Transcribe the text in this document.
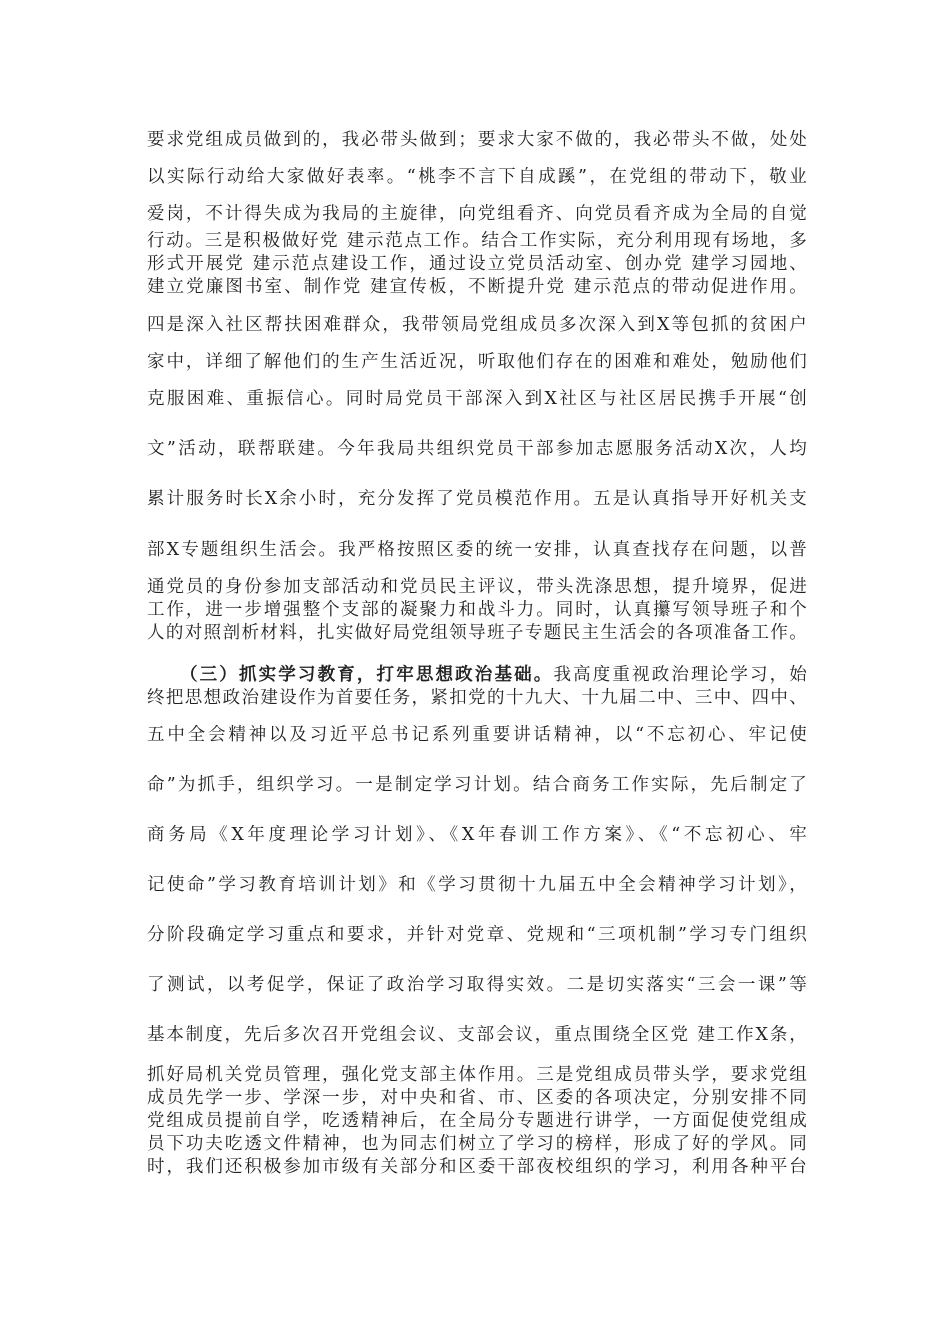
要求党组成员做到的，我必带头做到；要求大家不做的，我必带头不做，处处
以实际行动给大家做好表率。“桃李不言下自成蹊”，在党组的带动下，敬业
爱岗，不计得失成为我局的主旋律，向党组看齐、向党员看齐成为全局的自觉
行动。三是积极做好党 建示范点工作。结合工作实际，充分利用现有场地，多
形式开展党 建示范点建设工作，通过设立党员活动室、创办党 建学习园地、
建立党廉图书室、制作党 建宣传板，不断提升党 建示范点的带动促进作用。
四是深入社区帮扶困难群众，我带领局党组成员多次深入到X等包抓的贫困户
家中，详细了解他们的生产生活近况，听取他们存在的困难和难处，勉励他们
克服困难、重振信心。同时局党员干部深入到X社区与社区居民携手开展“创
文”活动，联帮联建。今年我局共组织党员干部参加志愿服务活动X次，人均
累计服务时长X余小时，充分发挥了党员模范作用。五是认真指导开好机关支
部X专题组织生活会。我严格按照区委的统一安排，认真查找存在问题，以普
通党员的身份参加支部活动和党员民主评议，带头洗涤思想，提升境界，促进
工作，进一步增强整个支部的凝聚力和战斗力。同时，认真攥写领导班子和个
人的对照剖析材料，扎实做好局党组领导班子专题民主生活会的各项准备工作。
（三）抓实学习教育，打牢思想政治基础。我高度重视政治理论学习，始
终把思想政治建设作为首要任务，紧扣党的十九大、十九届二中、三中、四中、
五中全会精神以及习近平总书记系列重要讲话精神，以“不忘初心、牢记使
命”为抓手，组织学习。一是制定学习计划。结合商务工作实际，先后制定了
商务局《X年度理论学习计划》、《X年春训工作方案》、《“不忘初心、牢
记使命”学习教育培训计划》和《学习贯彻十九届五中全会精神学习计划》，
分阶段确定学习重点和要求，并针对党章、党规和“三项机制”学习专门组织
了测试，以考促学，保证了政治学习取得实效。二是切实落实“三会一课”等
基本制度，先后多次召开党组会议、支部会议，重点围绕全区党 建工作X条，
抓好局机关党员管理，强化党支部主体作用。三是党组成员带头学，要求党组
成员先学一步、学深一步，对中央和省、市、区委的各项决定，分别安排不同
党组成员提前自学，吃透精神后，在全局分专题进行讲学，一方面促使党组成
员下功夫吃透文件精神，也为同志们树立了学习的榜样，形成了好的学风。同
时，我们还积极参加市级有关部分和区委干部夜校组织的学习，利用各种平台
